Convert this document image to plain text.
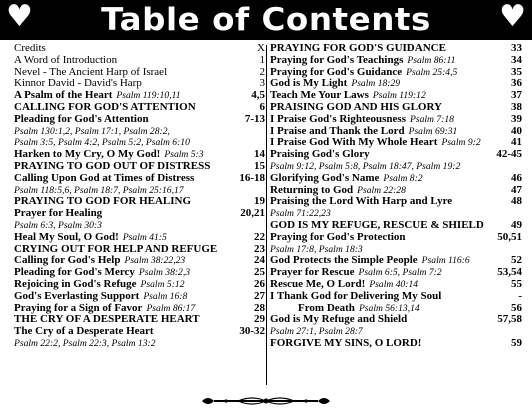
♥	Table of Contents	♥
Credits	X
A Word of Introduction	1
Nevel - The Ancient Harp of Israel	2
Kinnor David - David's Harp	3
A Psalm of the Heart Psalm 119:10,11	4,5
CALLING FOR GOD'S ATTENTION	6
Pleading for God's Attention	7-13
Psalm 130:1,2, Psalm 17:1, Psalm 28:2,
Psalm 3:5, Psalm 4:2, Psalm 5:2, Psalm 6:10
Harken to My Cry, O My God! Psalm 5:3	14
PRAYING TO GOD OUT OF DISTRESS	15
Calling Upon God at Times of Distress	16-18
Psalm 118:5,6, Psalm 18:7, Psalm 25:16,17
PRAYING TO GOD FOR HEALING	19
Prayer for Healing	20,21
Psalm 6:3, Psalm 30:3
Heal My Soul, O God! Psalm 41:5	22
CRYING OUT FOR HELP AND REFUGE	23
Calling for God's Help Psalm 38:22,23	24
Pleading for God's Mercy Psalm 38:2,3	25
Rejoicing in God's Refuge Psalm 5:12	26
God's Everlasting Support Psalm 16:8	27
Praying for a Sign of Favor Psalm 86:17	28
THE CRY OF A DESPERATE HEART	29
The Cry of a Desperate Heart	30-32
Psalm 22:2, Psalm 22:3, Psalm 13:2
PRAYING FOR GOD'S GUIDANCE	33
Praying for God's Teachings Psalm 86:11	34
Praying for God's Guidance Psalm 25:4,5	35
God is My Light Psalm 18:29	36
Teach Me Your Laws Psalm 119:12	37
PRAISING GOD AND HIS GLORY	38
I Praise God's Righteousness Psalm 7:18	39
I Praise and Thank the Lord Psalm 69:31	40
I Praise God With My Whole Heart Psalm 9:2	41
Praising God's Glory	42-45
Psalm 9:12, Psalm 5:8, Psalm 18:47, Psalm 19:2
Glorifying God's Name Psalm 8:2	46
Returning to God Psalm 22:28	47
Praising the Lord With Harp and Lyre	48
Psalm 71:22,23
GOD IS MY REFUGE, RESCUE & SHIELD	49
Praying for God's Protection	50,51
Psalm 17:8, Psalm 18:3
God Protects the Simple People Psalm 116:6	52
Prayer for Rescue Psalm 6:5, Psalm 7:2	53,54
Rescue Me, O Lord! Psalm 40:14	55
I Thank God for Delivering My Soul	-
From Death Psalm 56:13,14	56
God is My Refuge and Shield	57,58
Psalm 27:1, Psalm 28:7
FORGIVE MY SINS, O LORD!	59
